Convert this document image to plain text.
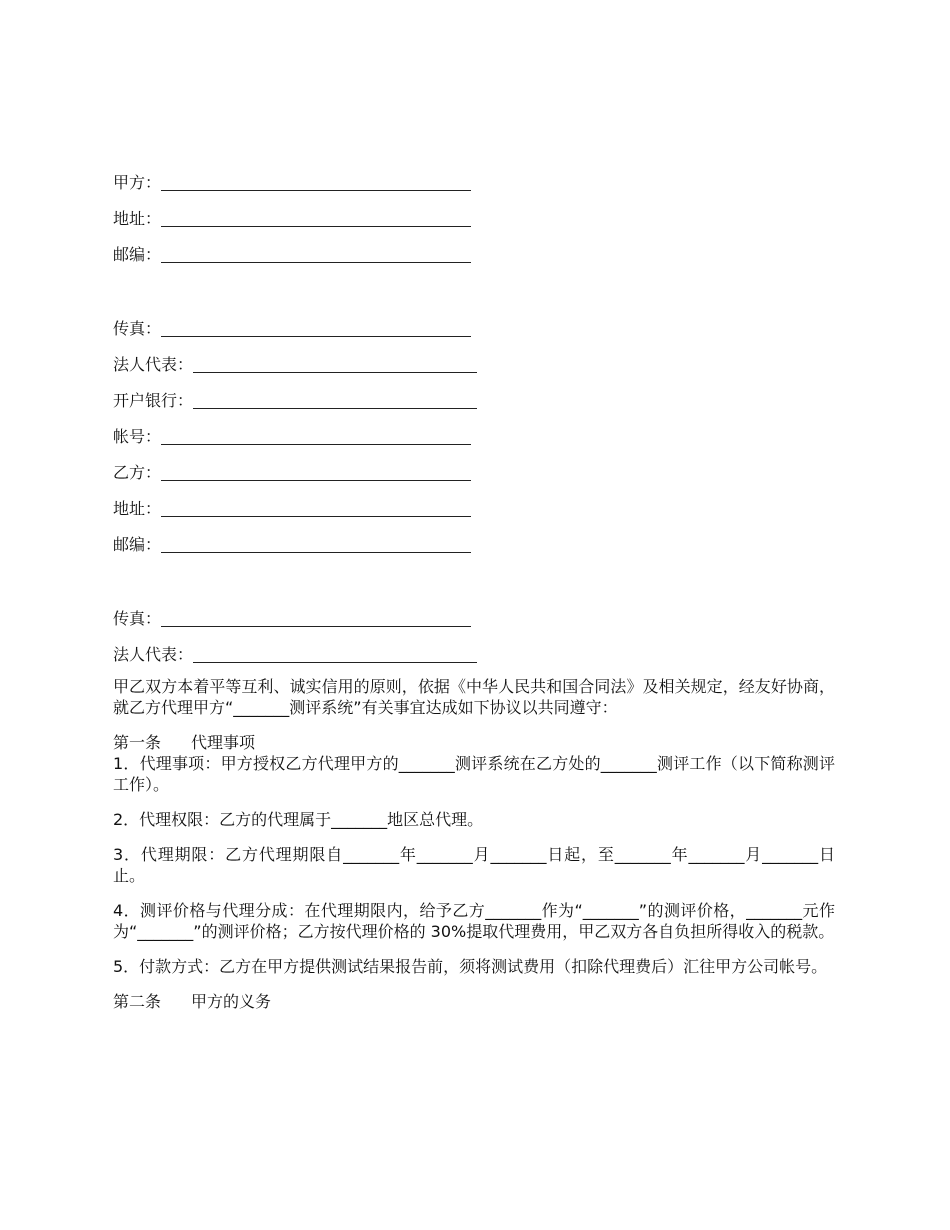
甲方：
地址：
邮编：
传真：
法人代表：
开户银行：
帐号：
乙方：
地址：
邮编：
传真：
法人代表：

甲乙双方本着平等互利、诚实信用的原则，依据《中华人民共和国合同法》及相关规定，经友好协商，就乙方代理甲方“_______测评系统”有关事宜达成如下协议以共同遵守：

第一条 代理事项

1．代理事项：甲方授权乙方代理甲方的_______测评系统在乙方处的_______测评工作（以下简称测评工作）。

2．代理权限：乙方的代理属于_______地区总代理。

3．代理期限：乙方代理期限自_______年_______月_______日起，至_______年_______月_______日止。

4．测评价格与代理分成：在代理期限内，给予乙方_______作为“_______”的测评价格，_______元作为“_______”的测评价格；乙方按代理价格的 30%提取代理费用，甲乙双方各自负担所得收入的税款。

5．付款方式：乙方在甲方提供测试结果报告前，须将测试费用（扣除代理费后）汇往甲方公司帐号。

第二条 甲方的义务
